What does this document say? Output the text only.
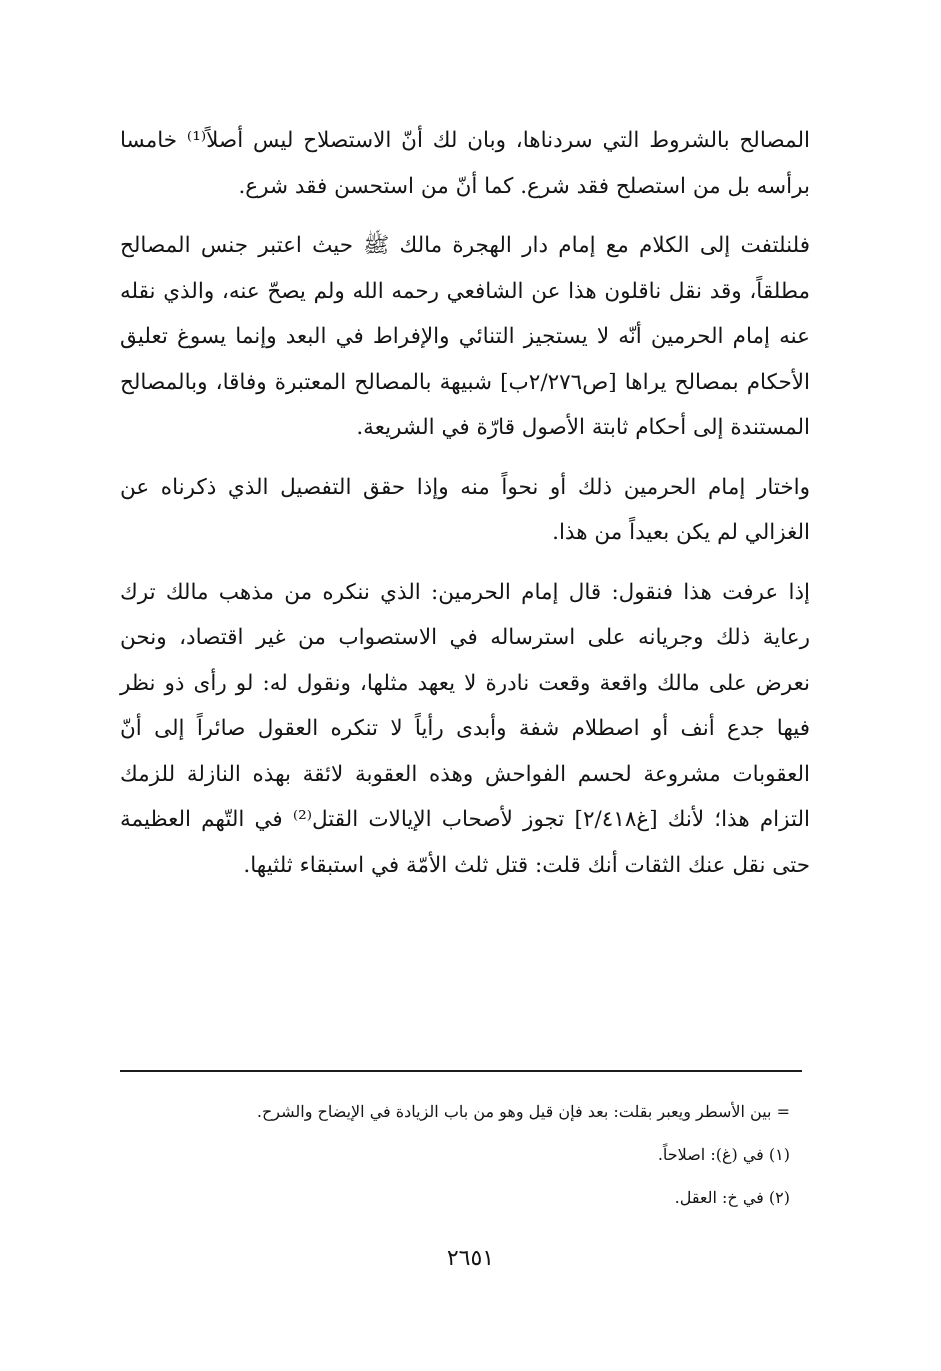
المصالح بالشروط التي سردناها، وبان لك أنّ الاستصلاح ليس أصلاً⁽¹⁾ خامسا برأسه بل من استصلح فقد شرع. كما أنّ من استحسن فقد شرع.

فلنلتفت إلى الكلام مع إمام دار الهجرة مالك ﷺ حيث اعتبر جنس المصالح مطلقاً، وقد نقل ناقلون هذا عن الشافعي رحمه الله ولم يصحّ عنه، والذي نقله عنه إمام الحرمين أنّه لا يستجيز التنائي والإفراط في البعد وإنما يسوغ تعليق الأحكام بمصالح يراها [ص٢/٢٧٦ب] شبيهة بالمصالح المعتبرة وفاقا، وبالمصالح المستندة إلى أحكام ثابتة الأصول قارّة في الشريعة.

واختار إمام الحرمين ذلك أو نحواً منه وإذا حقق التفصيل الذي ذكرناه عن الغزالي لم يكن بعيداً من هذا.

إذا عرفت هذا فنقول: قال إمام الحرمين: الذي ننكره من مذهب مالك ترك رعاية ذلك وجريانه على استرساله في الاستصواب من غير اقتصاد، ونحن نعرض على مالك واقعة وقعت نادرة لا يعهد مثلها، ونقول له: لو رأى ذو نظر فيها جدع أنف أو اصطلام شفة وأبدى رأياً لا تنكره العقول صائراً إلى أنّ العقوبات مشروعة لحسم الفواحش وهذه العقوبة لائقة بهذه النازلة للزمك التزام هذا؛ لأنك [غ٢/٤١٨] تجوز لأصحاب الإيالات القتل⁽²⁾ في التّهم العظيمة حتى نقل عنك الثقات أنك قلت: قتل ثلث الأمّة في استبقاء ثلثيها.

= بين الأسطر ويعبر بقلت: بعد فإن قيل وهو من باب الزيادة في الإيضاح والشرح.

(١) في (غ): اصلاحاً.

(٢) في خ: العقل.

٢٦٥١
